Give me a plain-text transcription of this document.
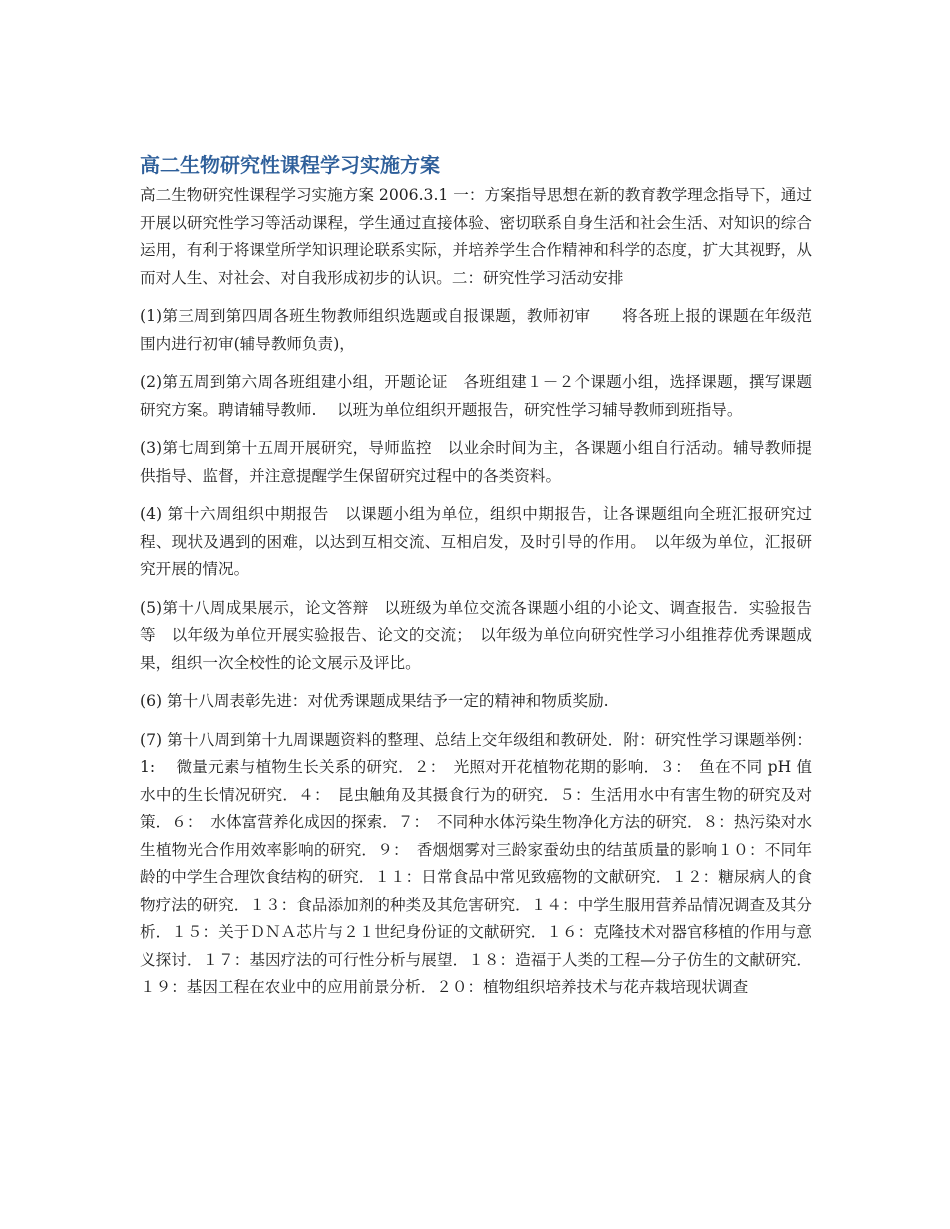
高二生物研究性课程学习实施方案

高二生物研究性课程学习实施方案 2006.3.1 一：方案指导思想在新的教育教学理念指导下，通过开展以研究性学习等活动课程，学生通过直接体验、密切联系自身生活和社会生活、对知识的综合运用，有利于将课堂所学知识理论联系实际，并培养学生合作精神和科学的态度，扩大其视野，从而对人生、对社会、对自我形成初步的认识。二：研究性学习活动安排

(1)第三周到第四周各班生物教师组织选题或自报课题，教师初审　　将各班上报的课题在年级范围内进行初审(辅导教师负责)，

(2)第五周到第六周各班组建小组，开题论证　各班组建１－２个课题小组，选择课题，撰写课题研究方案。聘请辅导教师.　 以班为单位组织开题报告，研究性学习辅导教师到班指导。

(3)第七周到第十五周开展研究，导师监控　以业余时间为主，各课题小组自行活动。辅导教师提供指导、监督，并注意提醒学生保留研究过程中的各类资料。

(4) 第十六周组织中期报告　以课题小组为单位，组织中期报告，让各课题组向全班汇报研究过程、现状及遇到的困难，以达到互相交流、互相启发，及时引导的作用。　以年级为单位，汇报研究开展的情况。

(5)第十八周成果展示，论文答辩　以班级为单位交流各课题小组的小论文、调查报告．实验报告等　以年级为单位开展实验报告、论文的交流；　以年级为单位向研究性学习小组推荐优秀课题成果，组织一次全校性的论文展示及评比。

(6) 第十八周表彰先进：对优秀课题成果结予一定的精神和物质奖励.

(7) 第十八周到第十九周课题资料的整理、总结上交年级组和教研处．附：研究性学习课题举例：1:　 微量元素与植物生长关系的研究．２：　光照对开花植物花期的影响．３：　鱼在不同 pH 值水中的生长情况研究．４：　昆虫触角及其摄食行为的研究．５：生活用水中有害生物的研究及对策．６：　水体富营养化成因的探索．７：　不同种水体污染生物净化方法的研究．８：热污染对水生植物光合作用效率影响的研究．９：　香烟烟雾对三龄家蚕幼虫的结茧质量的影响１０：不同年龄的中学生合理饮食结构的研究．１１：日常食品中常见致癌物的文献研究．１２：糖尿病人的食物疗法的研究．１３：食品添加剂的种类及其危害研究．１４：中学生服用营养品情况调查及其分析．１５：关于ＤＮＡ芯片与２１世纪身份证的文献研究．１６：克隆技术对器官移植的作用与意义探讨．１７：基因疗法的可行性分析与展望．１８：造福于人类的工程—分子仿生的文献研究．１９：基因工程在农业中的应用前景分析．２０：植物组织培养技术与花卉栽培现状调查
